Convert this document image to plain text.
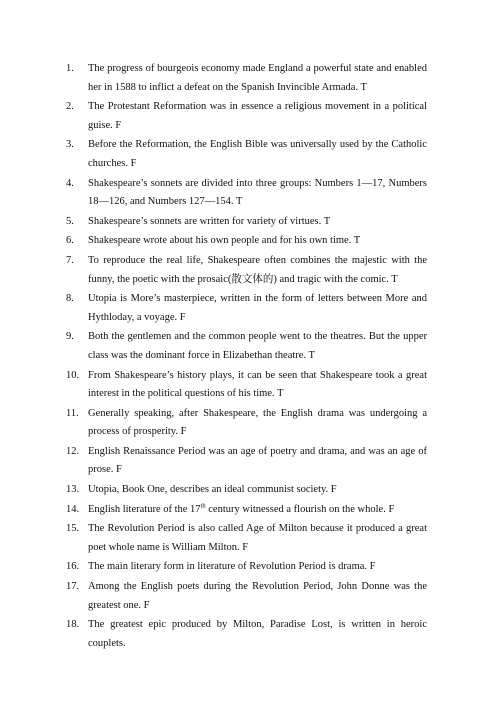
1.	The progress of bourgeois economy made England a powerful state and enabled her in 1588 to inflict a defeat on the Spanish Invincible Armada. T
2.	The Protestant Reformation was in essence a religious movement in a political guise. F
3.	Before the Reformation, the English Bible was universally used by the Catholic churches. F
4.	Shakespeare’s sonnets are divided into three groups: Numbers 1—17, Numbers 18—126, and Numbers 127—154. T
5.	Shakespeare’s sonnets are written for variety of virtues. T
6.	Shakespeare wrote about his own people and for his own time. T
7.	To reproduce the real life, Shakespeare often combines the majestic with the funny, the poetic with the prosaic(散文体的) and tragic with the comic. T
8.	Utopia is More’s masterpiece, written in the form of letters between More and Hythloday, a voyage. F
9.	Both the gentlemen and the common people went to the theatres. But the upper class was the dominant force in Elizabethan theatre. T
10. From Shakespeare’s history plays, it can be seen that Shakespeare took a great interest in the political questions of his time. T
11. Generally speaking, after Shakespeare, the English drama was undergoing a process of prosperity. F
12. English Renaissance Period was an age of poetry and drama, and was an age of prose. F
13. Utopia, Book One, describes an ideal communist society. F
14. English literature of the 17th century witnessed a flourish on the whole. F
15. The Revolution Period is also called Age of Milton because it produced a great poet whole name is William Milton. F
16. The main literary form in literature of Revolution Period is drama. F
17. Among the English poets during the Revolution Period, John Donne was the greatest one. F
18. The greatest epic produced by Milton, Paradise Lost, is written in heroic couplets.
